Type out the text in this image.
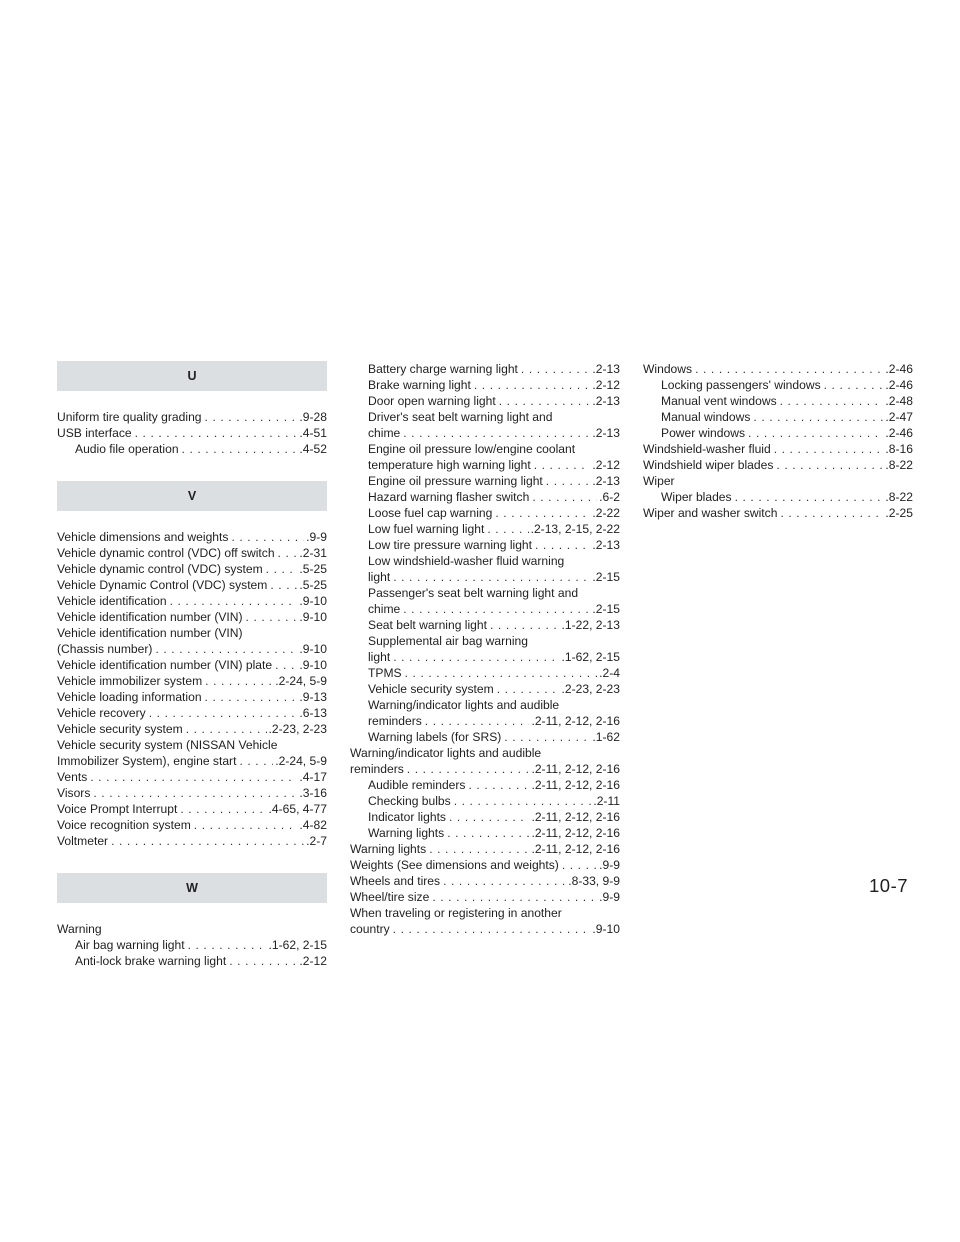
U
Uniform tire quality grading . . .	.9-28
USB interface . . .	.4-51
Audio file operation . . .	.4-52
V
Vehicle dimensions and weights . . .	.9-9
Vehicle dynamic control (VDC) off switch . . . .2-31
Vehicle dynamic control (VDC) system . . .	.5-25
Vehicle Dynamic Control (VDC) system . . .	.5-25
Vehicle identification . . .	.9-10
Vehicle identification number (VIN) . . .	.9-10
Vehicle identification number (VIN)
(Chassis number) . . .	.9-10
Vehicle identification number (VIN) plate . . . .9-10
Vehicle immobilizer system . . .	.2-24, 5-9
Vehicle loading information . . .	.9-13
Vehicle recovery . . .	.6-13
Vehicle security system . . .	.2-23, 2-23
Vehicle security system (NISSAN Vehicle
Immobilizer System), engine start . . .	.2-24, 5-9
Vents . . .	.4-17
Visors . . .	.3-16
Voice Prompt Interrupt . . .	.4-65, 4-77
Voice recognition system . . .	.4-82
Voltmeter . . .	.2-7
W
Warning
Air bag warning light . . .	.1-62, 2-15
Anti-lock brake warning light . . .	.2-12
Battery charge warning light . . .	.2-13
Brake warning light . . .	.2-12
Door open warning light . . .	.2-13
Driver's seat belt warning light and
chime . . .	.2-13
Engine oil pressure low/engine coolant
temperature high warning light . . .	.2-12
Engine oil pressure warning light . . .	.2-13
Hazard warning flasher switch . . .	.6-2
Loose fuel cap warning . . .	.2-22
Low fuel warning light . . .	.2-13, 2-15, 2-22
Low tire pressure warning light . . .	.2-13
Low windshield-washer fluid warning
light . . .	.2-15
Passenger's seat belt warning light and
chime . . .	.2-15
Seat belt warning light . . .	.1-22, 2-13
Supplemental air bag warning
light . . .	.1-62, 2-15
TPMS . . .	.2-4
Vehicle security system . . .	.2-23, 2-23
Warning/indicator lights and audible
reminders . . .	.2-11, 2-12, 2-16
Warning labels (for SRS) . . .	.1-62
Warning/indicator lights and audible
reminders . . .	.2-11, 2-12, 2-16
Audible reminders . . .	.2-11, 2-12, 2-16
Checking bulbs . . .	.2-11
Indicator lights . . .	.2-11, 2-12, 2-16
Warning lights . . .	.2-11, 2-12, 2-16
Warning lights . . .	.2-11, 2-12, 2-16
Weights (See dimensions and weights) . . .	.9-9
Wheels and tires . . .	.8-33, 9-9
Wheel/tire size . . .	.9-9
When traveling or registering in another
country . . .	.9-10
Windows . . .	.2-46
Locking passengers' windows . . .	.2-46
Manual vent windows . . .	.2-48
Manual windows . . .	.2-47
Power windows . . .	.2-46
Windshield-washer fluid . . .	.8-16
Windshield wiper blades . . .	.8-22
Wiper
Wiper blades . . .	.8-22
Wiper and washer switch . . .	.2-25
10-7
